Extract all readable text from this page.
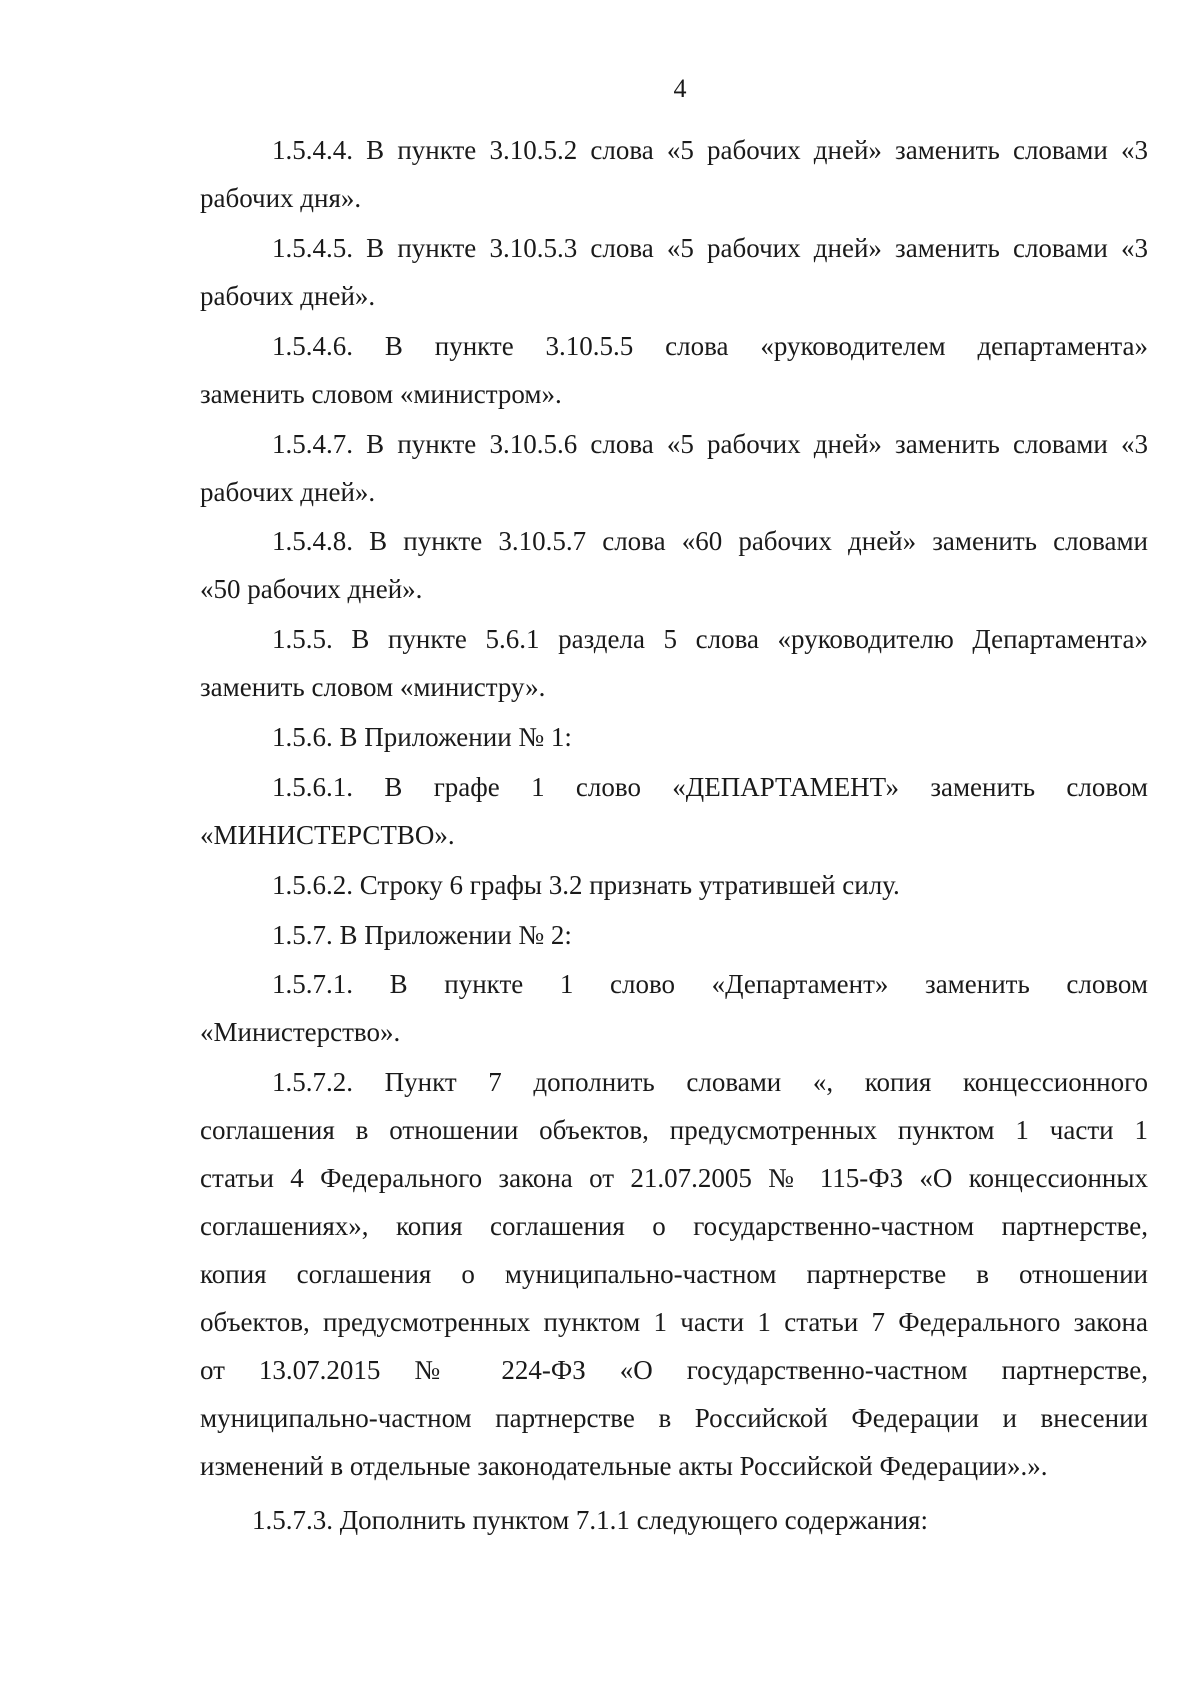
4
1.5.4.4. В пункте 3.10.5.2 слова «5 рабочих дней» заменить словами «3
рабочих дня».
1.5.4.5. В пункте 3.10.5.3 слова «5 рабочих дней» заменить словами «3
рабочих дней».
1.5.4.6. В пункте 3.10.5.5 слова «руководителем департамента»
заменить словом «министром».
1.5.4.7. В пункте 3.10.5.6 слова «5 рабочих дней» заменить словами «3
рабочих дней».
1.5.4.8. В пункте 3.10.5.7 слова «60 рабочих дней» заменить словами
«50 рабочих дней».
1.5.5. В пункте 5.6.1 раздела 5 слова «руководителю Департамента»
заменить словом «министру».
1.5.6. В Приложении № 1:
1.5.6.1. В графе 1 слово «ДЕПАРТАМЕНТ» заменить словом
«МИНИСТЕРСТВО».
1.5.6.2. Строку 6 графы 3.2 признать утратившей силу.
1.5.7. В Приложении № 2:
1.5.7.1. В пункте 1 слово «Департамент» заменить словом
«Министерство».
1.5.7.2. Пункт 7 дополнить словами «, копия концессионного
соглашения в отношении объектов, предусмотренных пунктом 1 части 1
статьи 4 Федерального закона от 21.07.2005 № 115-ФЗ «О концессионных
соглашениях», копия соглашения о государственно-частном партнерстве,
копия соглашения о муниципально-частном партнерстве в отношении
объектов, предусмотренных пунктом 1 части 1 статьи 7 Федерального закона
от 13.07.2015 № 224-ФЗ «О государственно-частном партнерстве,
муниципально-частном партнерстве в Российской Федерации и внесении
изменений в отдельные законодательные акты Российской Федерации».».
1.5.7.3. Дополнить пунктом 7.1.1 следующего содержания:
